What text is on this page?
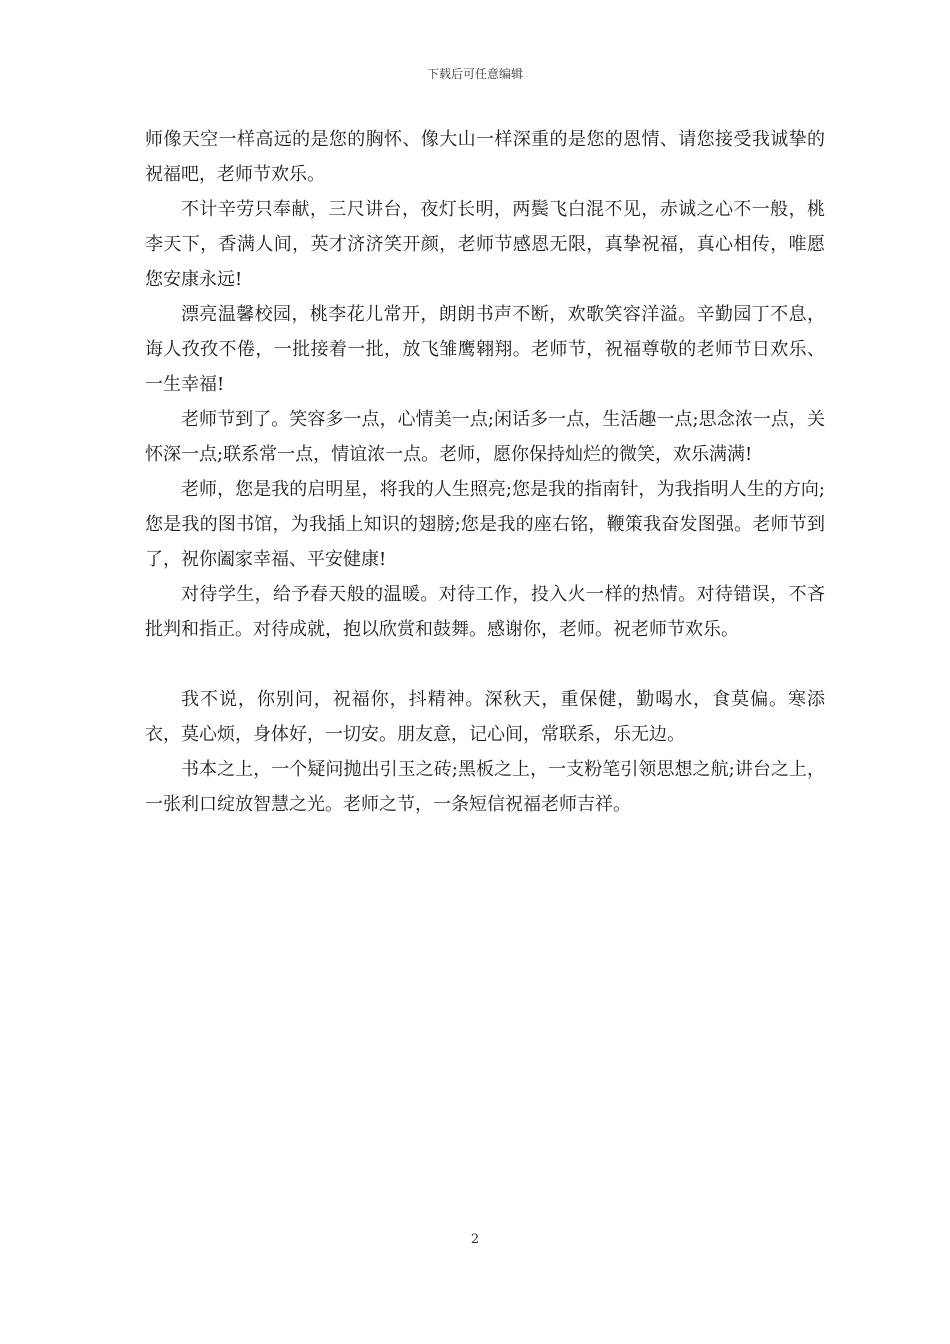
下载后可任意编辑

师像天空一样高远的是您的胸怀、像大山一样深重的是您的恩情、请您接受我诚挚的祝福吧，老师节欢乐。

不计辛劳只奉献，三尺讲台，夜灯长明，两鬓飞白混不见，赤诚之心不一般，桃李天下，香满人间，英才济济笑开颜，老师节感恩无限，真挚祝福，真心相传，唯愿您安康永远!

漂亮温馨校园，桃李花儿常开，朗朗书声不断，欢歌笑容洋溢。辛勤园丁不息，诲人孜孜不倦，一批接着一批，放飞雏鹰翱翔。老师节，祝福尊敬的老师节日欢乐、一生幸福!

老师节到了。笑容多一点，心情美一点;闲话多一点，生活趣一点;思念浓一点，关怀深一点;联系常一点，情谊浓一点。老师，愿你保持灿烂的微笑，欢乐满满!

老师，您是我的启明星，将我的人生照亮;您是我的指南针，为我指明人生的方向;您是我的图书馆，为我插上知识的翅膀;您是我的座右铭，鞭策我奋发图强。老师节到了，祝你阖家幸福、平安健康!

对待学生，给予春天般的温暖。对待工作，投入火一样的热情。对待错误，不吝批判和指正。对待成就，抱以欣赏和鼓舞。感谢你，老师。祝老师节欢乐。

我不说，你别问，祝福你，抖精神。深秋天，重保健，勤喝水，食莫偏。寒添衣，莫心烦，身体好，一切安。朋友意，记心间，常联系，乐无边。

书本之上，一个疑问抛出引玉之砖;黑板之上，一支粉笔引领思想之航;讲台之上，一张利口绽放智慧之光。老师之节，一条短信祝福老师吉祥。

2
